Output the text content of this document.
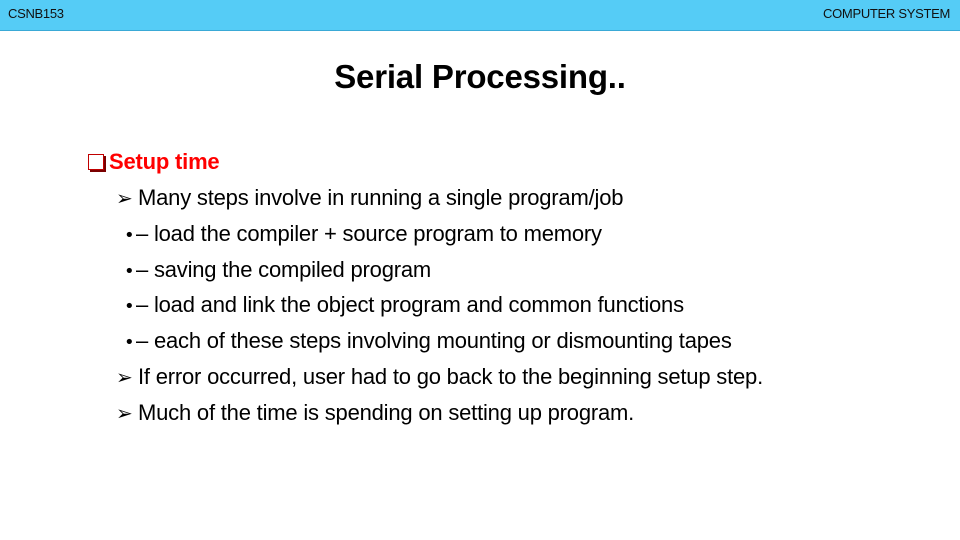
CSNB153	COMPUTER SYSTEM
Serial Processing..
Setup time
➢ Many steps involve in running a single program/job
•– load the compiler + source program to memory
•– saving the compiled program
•– load and link the object program and common functions
•– each of these steps involving mounting or dismounting tapes
➢ If error occurred, user had to go back to the beginning setup step.
➢ Much of the time is spending on setting up program.
